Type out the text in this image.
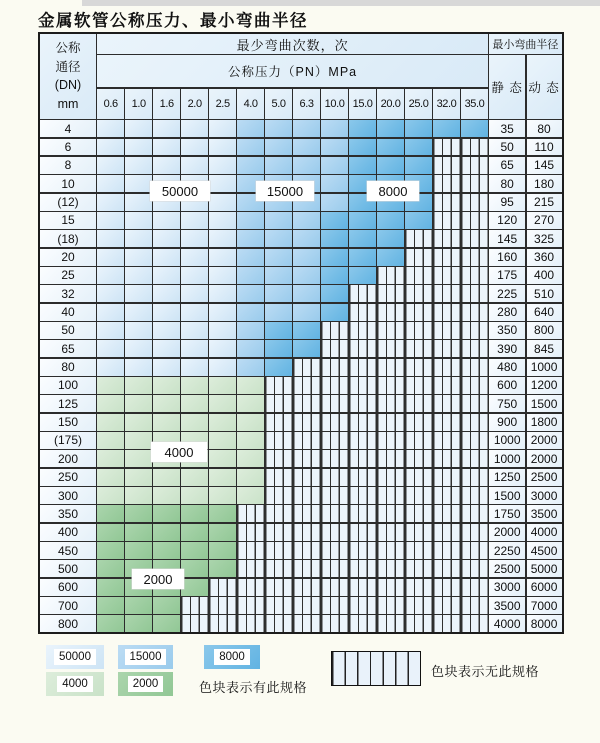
金属软管公称压力、最小弯曲半径
公称
通径
(DN)
mm
最少弯曲次数，次	最小弯曲半径
公称压力（PN）MPa
静 态 动 态
0.6	1.0	1.6	2.0	2.5	4.0	5.0	6.3	10.0 15.0 20.0 25.0 32.0 35.0
4	35	80
6	50	110
8	65	145
10	80	180
(12)	95	215
15	120	270
(18)	145	325
20	160	360
25	175	400
32	225	510
40	280	640
50	350	800
65	390	845
80	480	1000
100	600	1200
125	750	1500
150	900	1800
(175)	1000 2000
200	1000 2000
250	1250 2500
300	1500 3000
350	1750 3500
400	2000 4000
450	2250 4500
500	2500 5000
600	3000 6000
700	3500 7000
800	4000 8000
50000	15000	8000
4000
2000
50000	15000	8000
4000	2000	色块表示有此规格
色块表示无此规格
